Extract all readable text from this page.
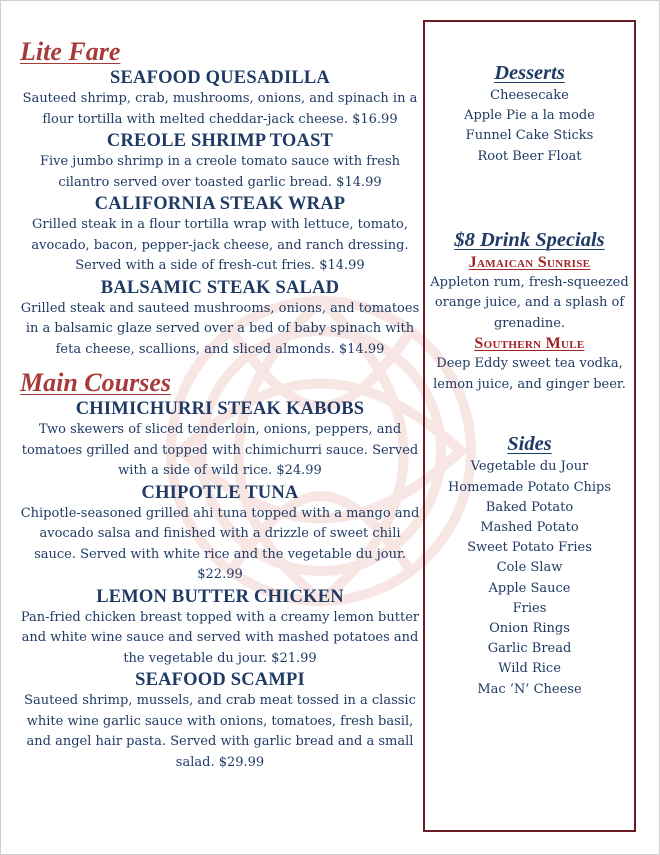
Lite Fare
SEAFOOD QUESADILLA
Sauteed shrimp, crab, mushrooms, onions, and spinach in a flour tortilla with melted cheddar-jack cheese. $16.99
CREOLE SHRIMP TOAST
Five jumbo shrimp in a creole tomato sauce with fresh cilantro served over toasted garlic bread. $14.99
CALIFORNIA STEAK WRAP
Grilled steak in a flour tortilla wrap with lettuce, tomato, avocado, bacon, pepper-jack cheese, and ranch dressing. Served with a side of fresh-cut fries. $14.99
BALSAMIC STEAK SALAD
Grilled steak and sauteed mushrooms, onions, and tomatoes in a balsamic glaze served over a bed of baby spinach with feta cheese, scallions, and sliced almonds. $14.99
Main Courses
CHIMICHURRI STEAK KABOBS
Two skewers of sliced tenderloin, onions, peppers, and tomatoes grilled and topped with chimichurri sauce. Served with a side of wild rice. $24.99
CHIPOTLE TUNA
Chipotle-seasoned grilled ahi tuna topped with a mango and avocado salsa and finished with a drizzle of sweet chili sauce. Served with white rice and the vegetable du jour. $22.99
LEMON BUTTER CHICKEN
Pan-fried chicken breast topped with a creamy lemon butter and white wine sauce and served with mashed potatoes and the vegetable du jour. $21.99
SEAFOOD SCAMPI
Sauteed shrimp, mussels, and crab meat tossed in a classic white wine garlic sauce with onions, tomatoes, fresh basil, and angel hair pasta. Served with garlic bread and a small salad. $29.99
Desserts
Cheesecake
Apple Pie a la mode
Funnel Cake Sticks
Root Beer Float
$8 Drink Specials
Jamaican Sunrise
Appleton rum, fresh-squeezed orange juice, and a splash of grenadine.
Southern Mule
Deep Eddy sweet tea vodka, lemon juice, and ginger beer.
Sides
Vegetable du Jour
Homemade Potato Chips
Baked Potato
Mashed Potato
Sweet Potato Fries
Cole Slaw
Apple Sauce
Fries
Onion Rings
Garlic Bread
Wild Rice
Mac ‘N’ Cheese
